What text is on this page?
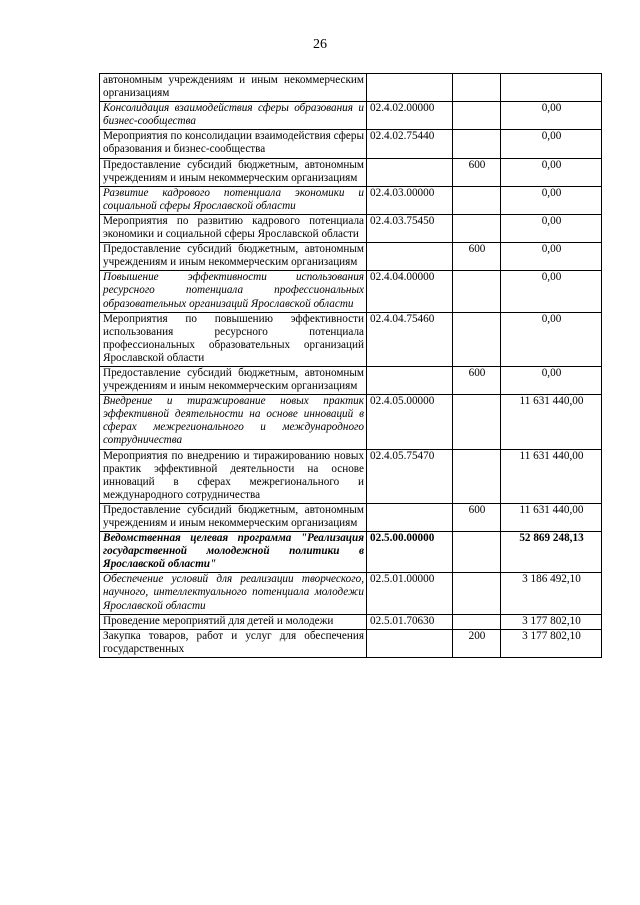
26
автономным учреждениям и иным некоммерческим организациям			
Консолидация взаимодействия сферы образования и бизнес-сообщества	02.4.02.00000		0,00
Мероприятия по консолидации взаимодействия сферы образования и бизнес-сообщества	02.4.02.75440		0,00
Предоставление субсидий бюджетным, автономным учреждениям и иным некоммерческим организациям		600	0,00
Развитие кадрового потенциала экономики и социальной сферы Ярославской области	02.4.03.00000		0,00
Мероприятия по развитию кадрового потенциала экономики и социальной сферы Ярославской области	02.4.03.75450		0,00
Предоставление субсидий бюджетным, автономным учреждениям и иным некоммерческим организациям		600	0,00
Повышение эффективности использования ресурсного потенциала профессиональных образовательных организаций Ярославской области	02.4.04.00000		0,00
Мероприятия по повышению эффективности использования ресурсного потенциала профессиональных образовательных организаций Ярославской области	02.4.04.75460		0,00
Предоставление субсидий бюджетным, автономным учреждениям и иным некоммерческим организациям		600	0,00
Внедрение и тиражирование новых практик эффективной деятельности на основе инноваций в сферах межрегионального и международного сотрудничества	02.4.05.00000		11 631 440,00
Мероприятия по внедрению и тиражированию новых практик эффективной деятельности на основе инноваций в сферах межрегионального и международного сотрудничества	02.4.05.75470		11 631 440,00
Предоставление субсидий бюджетным, автономным учреждениям и иным некоммерческим организациям		600	11 631 440,00
Ведомственная целевая программа "Реализация государственной молодежной политики в Ярославской области"	02.5.00.00000		52 869 248,13
Обеспечение условий для реализации творческого, научного, интеллектуального потенциала молодежи Ярославской области	02.5.01.00000		3 186 492,10
Проведение мероприятий для детей и молодежи	02.5.01.70630		3 177 802,10
Закупка товаров, работ и услуг для обеспечения государственных		200	3 177 802,10
